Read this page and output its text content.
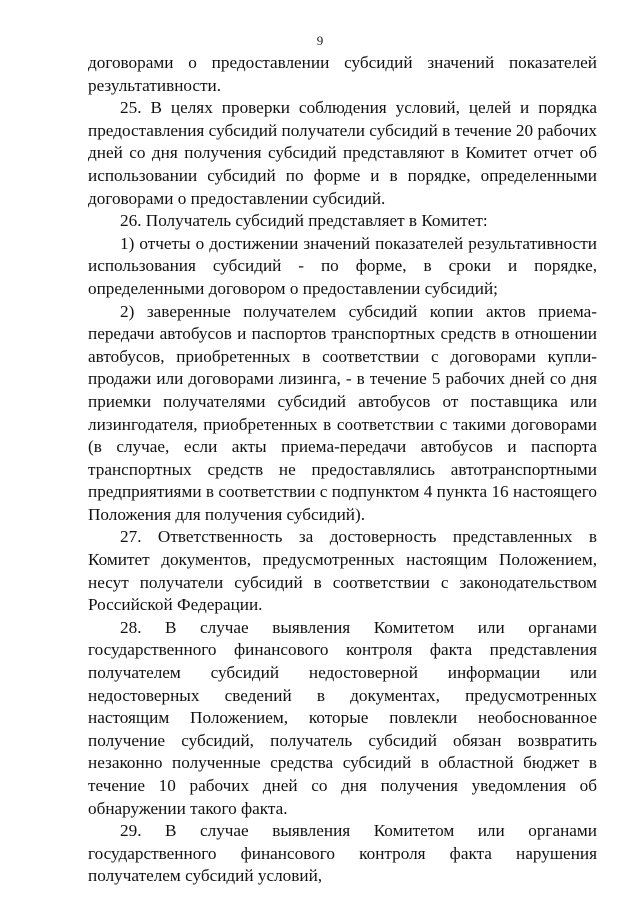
9

договорами о предоставлении субсидий значений показателей результативности.

25. В целях проверки соблюдения условий, целей и порядка предоставления субсидий получатели субсидий в течение 20 рабочих дней со дня получения субсидий представляют в Комитет отчет об использовании субсидий по форме и в порядке, определенными договорами о предоставлении субсидий.

26. Получатель субсидий представляет в Комитет:

1) отчеты о достижении значений показателей результативности использования субсидий - по форме, в сроки и порядке, определенными договором о предоставлении субсидий;

2) заверенные получателем субсидий копии актов приема-передачи автобусов и паспортов транспортных средств в отношении автобусов, приобретенных в соответствии с договорами купли-продажи или договорами лизинга, - в течение 5 рабочих дней со дня приемки получателями субсидий автобусов от поставщика или лизингодателя, приобретенных в соответствии с такими договорами (в случае, если акты приема-передачи автобусов и паспорта транспортных средств не предоставлялись автотранспортными предприятиями в соответствии с подпунктом 4 пункта 16 настоящего Положения для получения субсидий).

27. Ответственность за достоверность представленных в Комитет документов, предусмотренных настоящим Положением, несут получатели субсидий в соответствии с законодательством Российской Федерации.

28. В случае выявления Комитетом или органами государственного финансового контроля факта представления получателем субсидий недостоверной информации или недостоверных сведений в документах, предусмотренных настоящим Положением, которые повлекли необоснованное получение субсидий, получатель субсидий обязан возвратить незаконно полученные средства субсидий в областной бюджет в течение 10 рабочих дней со дня получения уведомления об обнаружении такого факта.

29. В случае выявления Комитетом или органами государственного финансового контроля факта нарушения получателем субсидий условий,
